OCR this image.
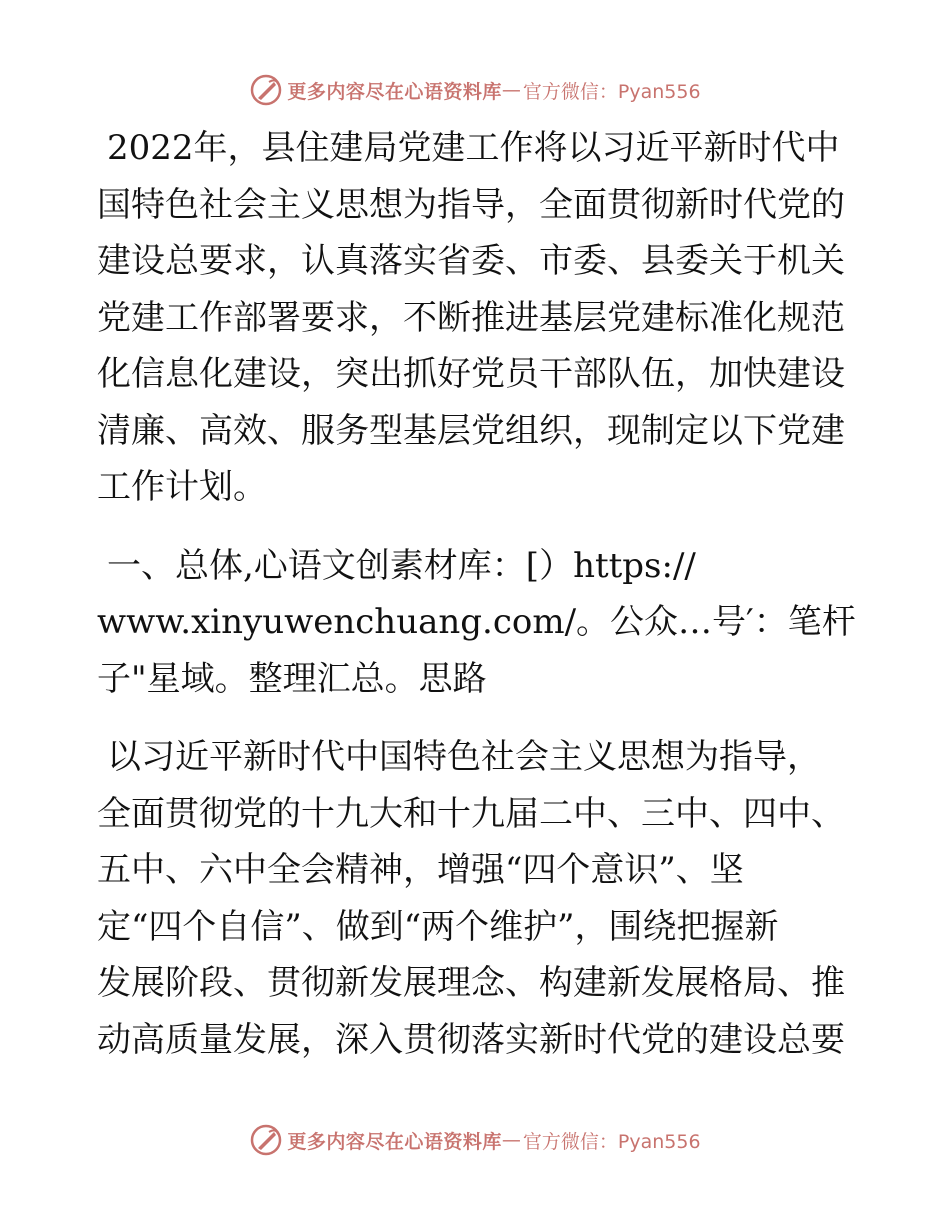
更多内容尽在心语资料库 — 官方微信：Pyan556

2022年，县住建局党建工作将以习近平新时代中
国特色社会主义思想为指导，全面贯彻新时代党的
建设总要求，认真落实省委、市委、县委关于机关
党建工作部署要求，不断推进基层党建标准化规范
化信息化建设，突出抓好党员干部队伍，加快建设
清廉、高效、服务型基层党组织，现制定以下党建
工作计划。

一、总体,心语文创素材库：[）https://
www.xinyuwenchuang.com/。公众…号′：笔杆
子"星域。整理汇总。思路

以习近平新时代中国特色社会主义思想为指导，
全面贯彻党的十九大和十九届二中、三中、四中、
五中、六中全会精神，增强“四个意识”、坚
定“四个自信”、做到“两个维护”，围绕把握新
发展阶段、贯彻新发展理念、构建新发展格局、推
动高质量发展，深入贯彻落实新时代党的建设总要

更多内容尽在心语资料库 — 官方微信：Pyan556
